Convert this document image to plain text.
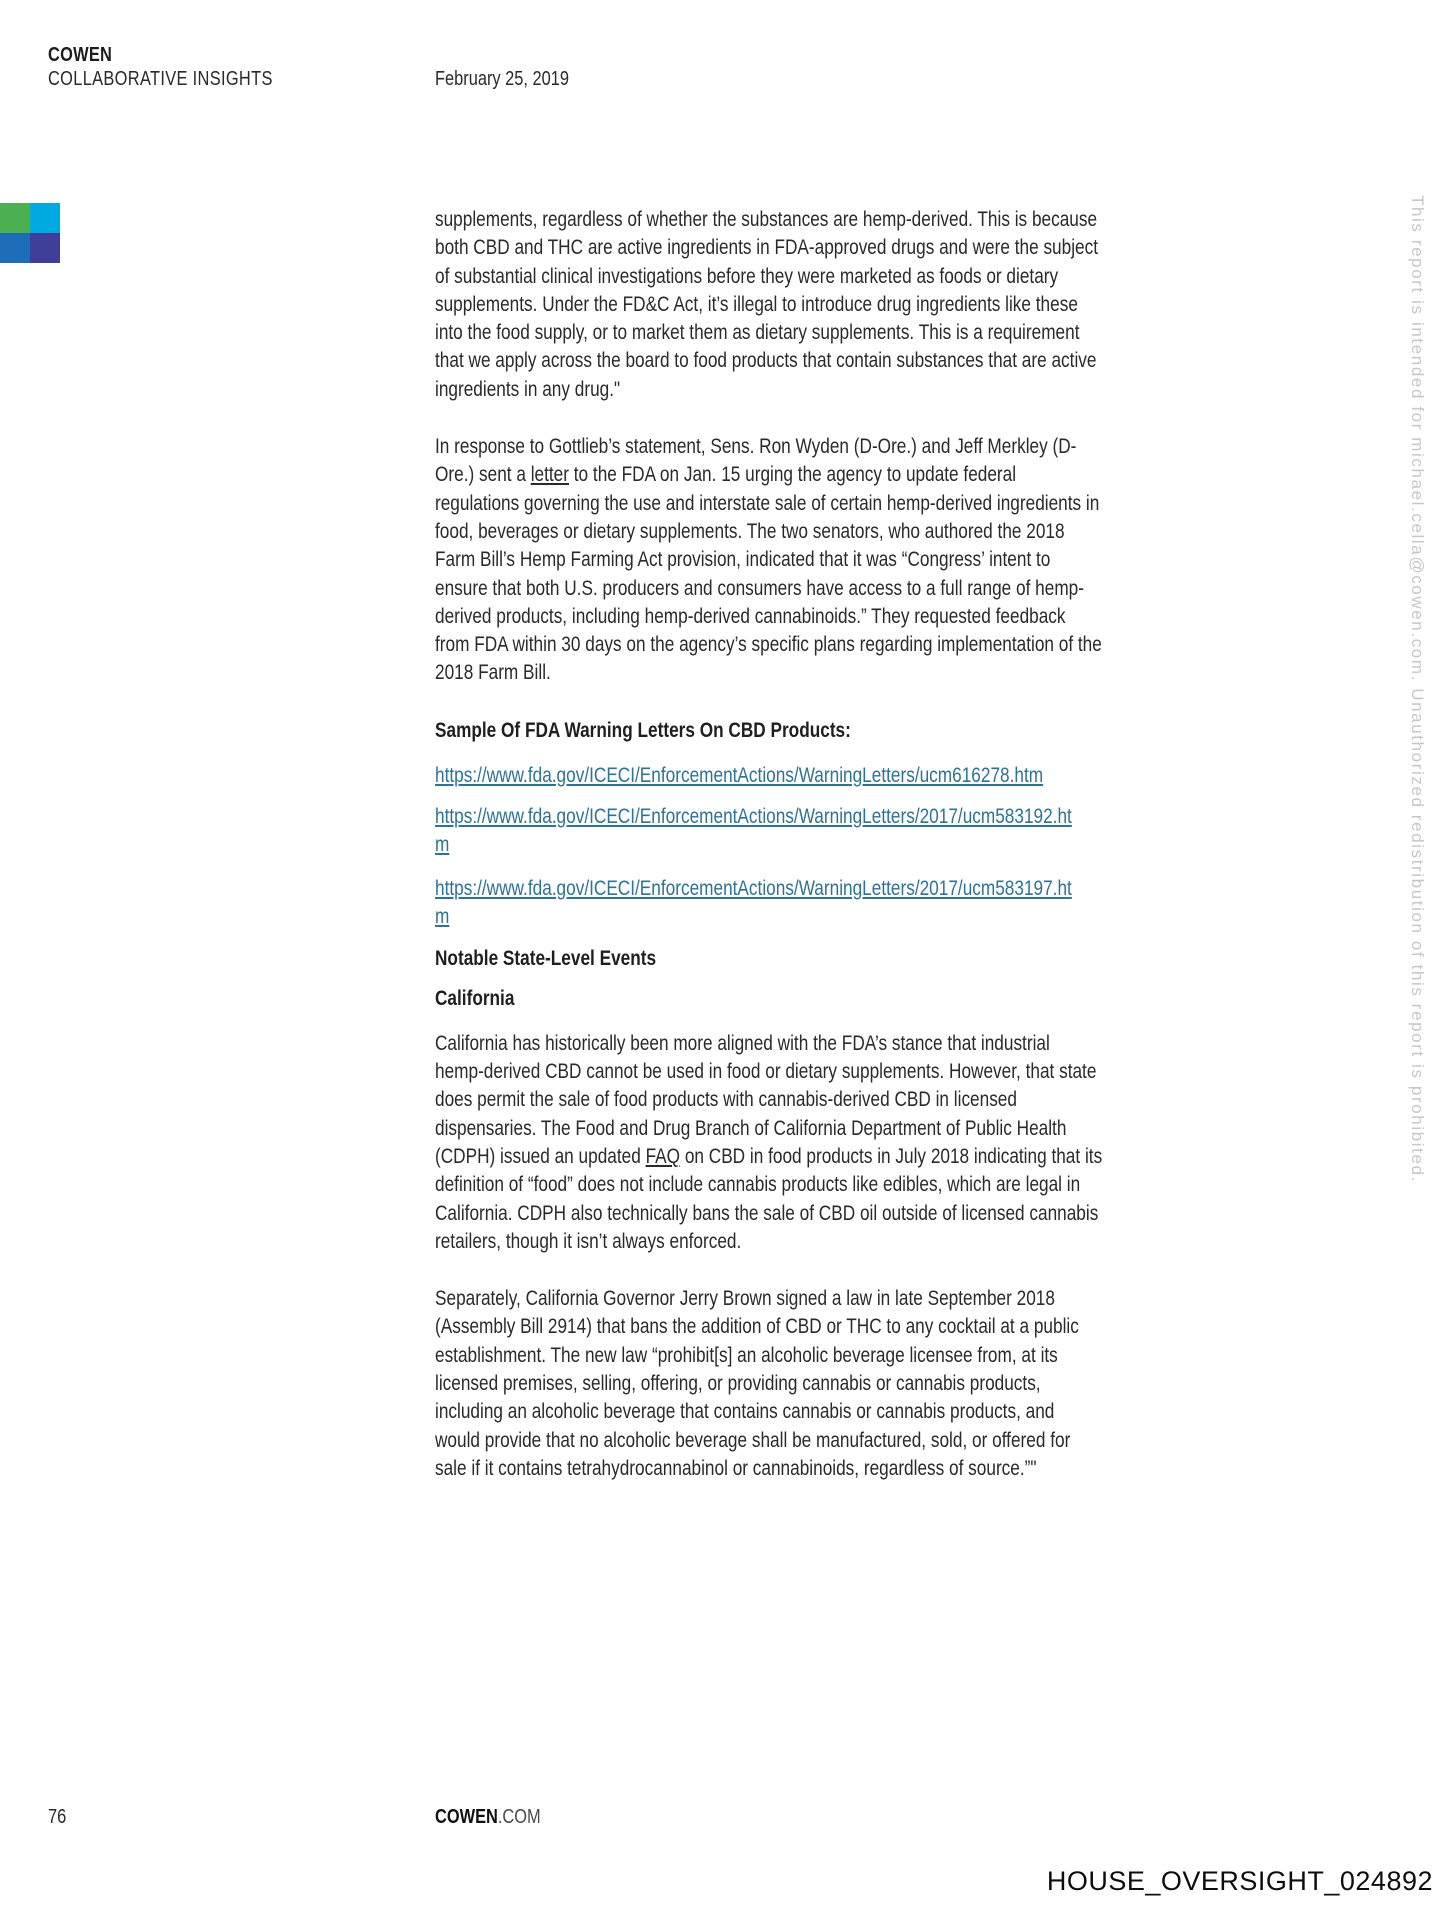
COWEN
COLLABORATIVE INSIGHTS	February 25, 2019

supplements, regardless of whether the substances are hemp-derived. This is because both CBD and THC are active ingredients in FDA-approved drugs and were the subject of substantial clinical investigations before they were marketed as foods or dietary supplements. Under the FD&C Act, it’s illegal to introduce drug ingredients like these into the food supply, or to market them as dietary supplements. This is a requirement that we apply across the board to food products that contain substances that are active ingredients in any drug."

In response to Gottlieb’s statement, Sens. Ron Wyden (D-Ore.) and Jeff Merkley (D-Ore.) sent a letter to the FDA on Jan. 15 urging the agency to update federal regulations governing the use and interstate sale of certain hemp-derived ingredients in food, beverages or dietary supplements. The two senators, who authored the 2018 Farm Bill’s Hemp Farming Act provision, indicated that it was “Congress’ intent to ensure that both U.S. producers and consumers have access to a full range of hemp-derived products, including hemp-derived cannabinoids.” They requested feedback from FDA within 30 days on the agency’s specific plans regarding implementation of the 2018 Farm Bill.

Sample Of FDA Warning Letters On CBD Products:
https://www.fda.gov/ICECI/EnforcementActions/WarningLetters/ucm616278.htm
https://www.fda.gov/ICECI/EnforcementActions/WarningLetters/2017/ucm583192.ht
m
https://www.fda.gov/ICECI/EnforcementActions/WarningLetters/2017/ucm583197.ht
m
Notable State-Level Events
California

California has historically been more aligned with the FDA’s stance that industrial hemp-derived CBD cannot be used in food or dietary supplements. However, that state does permit the sale of food products with cannabis-derived CBD in licensed dispensaries. The Food and Drug Branch of California Department of Public Health (CDPH) issued an updated FAQ on CBD in food products in July 2018 indicating that its definition of “food” does not include cannabis products like edibles, which are legal in California. CDPH also technically bans the sale of CBD oil outside of licensed cannabis retailers, though it isn’t always enforced.

Separately, California Governor Jerry Brown signed a law in late September 2018 (Assembly Bill 2914) that bans the addition of CBD or THC to any cocktail at a public establishment. The new law “prohibit[s] an alcoholic beverage licensee from, at its licensed premises, selling, offering, or providing cannabis or cannabis products, including an alcoholic beverage that contains cannabis or cannabis products, and would provide that no alcoholic beverage shall be manufactured, sold, or offered for sale if it contains tetrahydrocannabinol or cannabinoids, regardless of source.”"

This report is intended for michael.cella@cowen.com. Unauthorized redistribution of this report is prohibited.
76	COWEN.COM
HOUSE_OVERSIGHT_024892
